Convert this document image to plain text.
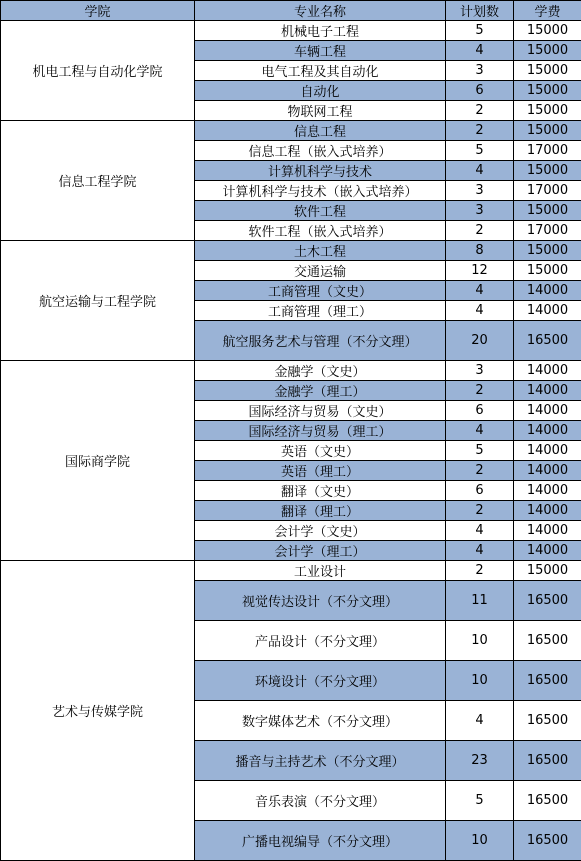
学院	专业名称	计划数	学费
机电工程与自动化学院	机械电子工程	5	15000
	车辆工程	4	15000
	电气工程及其自动化	3	15000
	自动化	6	15000
	物联网工程	2	15000
信息工程学院	信息工程	2	15000
	信息工程（嵌入式培养）	5	17000
	计算机科学与技术	4	15000
	计算机科学与技术（嵌入式培养）	3	17000
	软件工程	3	15000
	软件工程（嵌入式培养）	2	17000
航空运输与工程学院	土木工程	8	15000
	交通运输	12	15000
	工商管理（文史）	4	14000
	工商管理（理工）	4	14000
	航空服务艺术与管理（不分文理）	20	16500
国际商学院	金融学（文史）	3	14000
	金融学（理工）	2	14000
	国际经济与贸易（文史）	6	14000
	国际经济与贸易（理工）	4	14000
	英语（文史）	5	14000
	英语（理工）	2	14000
	翻译（文史）	6	14000
	翻译（理工）	2	14000
	会计学（文史）	4	14000
	会计学（理工）	4	14000
艺术与传媒学院	工业设计	2	15000
	视觉传达设计（不分文理）	11	16500
	产品设计（不分文理）	10	16500
	环境设计（不分文理）	10	16500
	数字媒体艺术（不分文理）	4	16500
	播音与主持艺术（不分文理）	23	16500
	音乐表演（不分文理）	5	16500
	广播电视编导（不分文理）	10	16500
